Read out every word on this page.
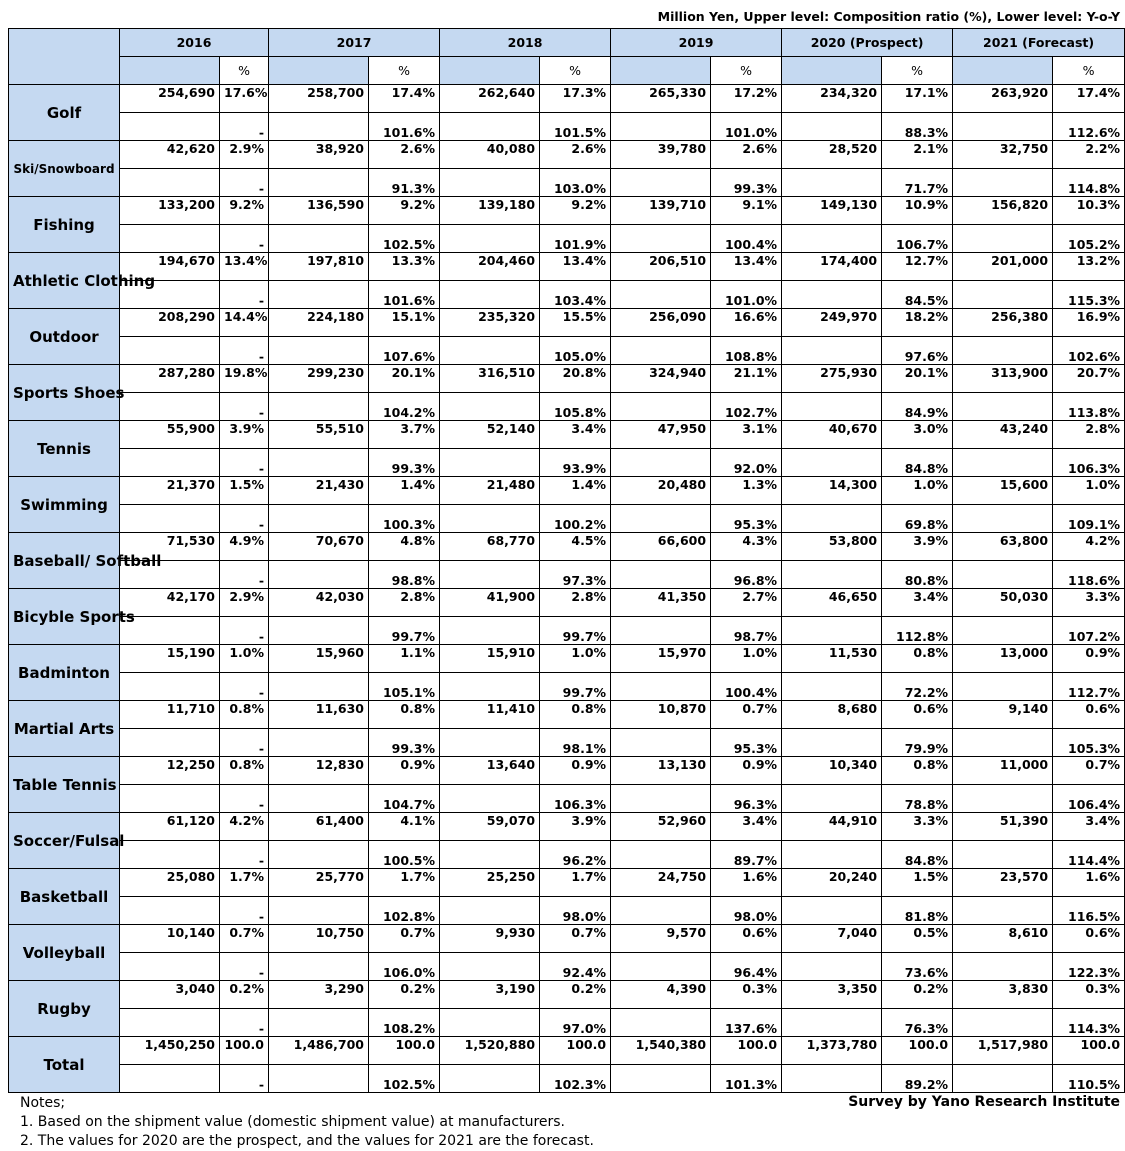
Million Yen, Upper level: Composition ratio (%), Lower level: Y-o-Y
	2016		2017		2018		2019		2020 (Prospect)		2021 (Forecast)	
		%		%		%		%		%		%
Golf	254,690	17.6%	258,700	17.4%	262,640	17.3%	265,330	17.2%	234,320	17.1%	263,920	17.4%
		-		101.6%		101.5%		101.0%		88.3%		112.6%
Ski/Snowboard	42,620	2.9%	38,920	2.6%	40,080	2.6%	39,780	2.6%	28,520	2.1%	32,750	2.2%
		-		91.3%		103.0%		99.3%		71.7%		114.8%
Fishing	133,200	9.2%	136,590	9.2%	139,180	9.2%	139,710	9.1%	149,130	10.9%	156,820	10.3%
		-		102.5%		101.9%		100.4%		106.7%		105.2%
Athletic Clothing	194,670	13.4%	197,810	13.3%	204,460	13.4%	206,510	13.4%	174,400	12.7%	201,000	13.2%
		-		101.6%		103.4%		101.0%		84.5%		115.3%
Outdoor	208,290	14.4%	224,180	15.1%	235,320	15.5%	256,090	16.6%	249,970	18.2%	256,380	16.9%
		-		107.6%		105.0%		108.8%		97.6%		102.6%
Sports Shoes	287,280	19.8%	299,230	20.1%	316,510	20.8%	324,940	21.1%	275,930	20.1%	313,900	20.7%
		-		104.2%		105.8%		102.7%		84.9%		113.8%
Tennis	55,900	3.9%	55,510	3.7%	52,140	3.4%	47,950	3.1%	40,670	3.0%	43,240	2.8%
		-		99.3%		93.9%		92.0%		84.8%		106.3%
Swimming	21,370	1.5%	21,430	1.4%	21,480	1.4%	20,480	1.3%	14,300	1.0%	15,600	1.0%
		-		100.3%		100.2%		95.3%		69.8%		109.1%
Baseball/ Softball	71,530	4.9%	70,670	4.8%	68,770	4.5%	66,600	4.3%	53,800	3.9%	63,800	4.2%
		-		98.8%		97.3%		96.8%		80.8%		118.6%
Bicyble Sports	42,170	2.9%	42,030	2.8%	41,900	2.8%	41,350	2.7%	46,650	3.4%	50,030	3.3%
		-		99.7%		99.7%		98.7%		112.8%		107.2%
Badminton	15,190	1.0%	15,960	1.1%	15,910	1.0%	15,970	1.0%	11,530	0.8%	13,000	0.9%
		-		105.1%		99.7%		100.4%		72.2%		112.7%
Martial Arts	11,710	0.8%	11,630	0.8%	11,410	0.8%	10,870	0.7%	8,680	0.6%	9,140	0.6%
		-		99.3%		98.1%		95.3%		79.9%		105.3%
Table Tennis	12,250	0.8%	12,830	0.9%	13,640	0.9%	13,130	0.9%	10,340	0.8%	11,000	0.7%
		-		104.7%		106.3%		96.3%		78.8%		106.4%
Soccer/Fulsal	61,120	4.2%	61,400	4.1%	59,070	3.9%	52,960	3.4%	44,910	3.3%	51,390	3.4%
		-		100.5%		96.2%		89.7%		84.8%		114.4%
Basketball	25,080	1.7%	25,770	1.7%	25,250	1.7%	24,750	1.6%	20,240	1.5%	23,570	1.6%
		-		102.8%		98.0%		98.0%		81.8%		116.5%
Volleyball	10,140	0.7%	10,750	0.7%	9,930	0.7%	9,570	0.6%	7,040	0.5%	8,610	0.6%
		-		106.0%		92.4%		96.4%		73.6%		122.3%
Rugby	3,040	0.2%	3,290	0.2%	3,190	0.2%	4,390	0.3%	3,350	0.2%	3,830	0.3%
		-		108.2%		97.0%		137.6%		76.3%		114.3%
Total	1,450,250	100.0	1,486,700	100.0	1,520,880	100.0	1,540,380	100.0	1,373,780	100.0	1,517,980	100.0
		-		102.5%		102.3%		101.3%		89.2%		110.5%
Notes;
1. Based on the shipment value (domestic shipment value) at manufacturers.
2. The values for 2020 are the prospect, and the values for 2021 are the forecast.
Survey by Yano Research Institute
